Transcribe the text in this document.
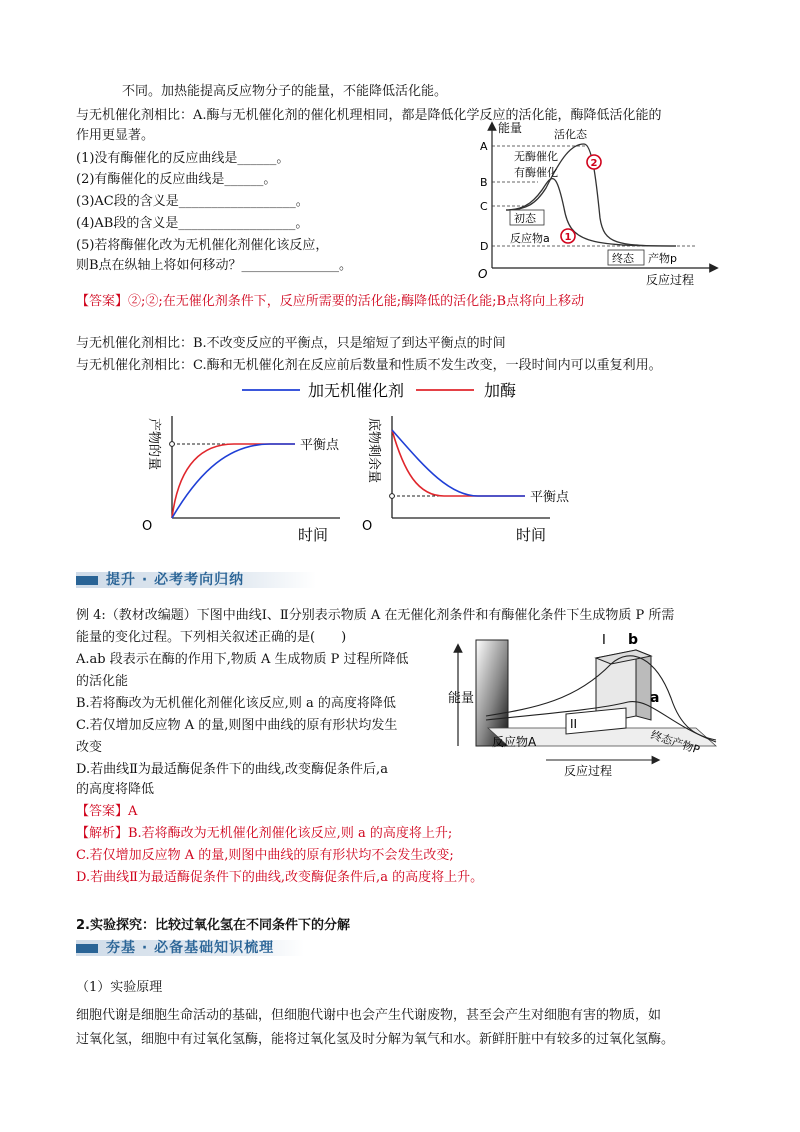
不同。加热能提高反应物分子的能量，不能降低活化能。
与无机催化剂相比：A.酶与无机催化剂的催化机理相同，都是降低化学反应的活化能，酶降低活化能的
作用更显著。
(1)没有酶催化的反应曲线是______。
(2)有酶催化的反应曲线是______。
(3)AC段的含义是__________________。
(4)AB段的含义是__________________。
(5)若将酶催化改为无机催化剂催化该反应，
则B点在纵轴上将如何移动？_______________。
【答案】②;②;在无催化剂条件下，反应所需要的活化能;酶降低的活化能;B点将向上移动
与无机催化剂相比：B.不改变反应的平衡点，只是缩短了到达平衡点的时间
与无机催化剂相比：C.酶和无机催化剂在反应前后数量和性质不发生改变，一段时间内可以重复利用。
能量
反应过程
O
A
B
C
D
活化态
无酶催化
有酶催化
初态
反应物a
终态 产物p
2
1
加无机催化剂	加酶
O	时间
产物的量	平衡点
O	时间
底物剩余量
平衡点
提升 · 必考考向归纳
例 4:（教材改编题）下图中曲线Ⅰ、Ⅱ分别表示物质 A 在无催化剂条件和有酶催化条件下生成物质 P 所需
能量的变化过程。下列相关叙述正确的是(　　)
A.ab 段表示在酶的作用下,物质 A 生成物质 P 过程所降低
的活化能
B.若将酶改为无机催化剂催化该反应,则 a 的高度将降低
C.若仅增加反应物 A 的量,则图中曲线的原有形状均发生
改变
D.若曲线Ⅱ为最适酶促条件下的曲线,改变酶促条件后,a
的高度将降低
【答案】A
【解析】B.若将酶改为无机催化剂催化该反应,则 a 的高度将上升;
C.若仅增加反应物 A 的量,则图中曲线的原有形状均不会发生改变;
D.若曲线Ⅱ为最适酶促条件下的曲线,改变酶促条件后,a 的高度将上升。
能量
I b
a
II
反应物A	终态产物P
反应过程
2.实验探究：比较过氧化氢在不同条件下的分解
夯基 · 必备基础知识梳理
（1）实验原理
细胞代谢是细胞生命活动的基础，但细胞代谢中也会产生代谢废物，甚至会产生对细胞有害的物质，如
过氧化氢，细胞中有过氧化氢酶，能将过氧化氢及时分解为氧气和水。新鲜肝脏中有较多的过氧化氢酶。
